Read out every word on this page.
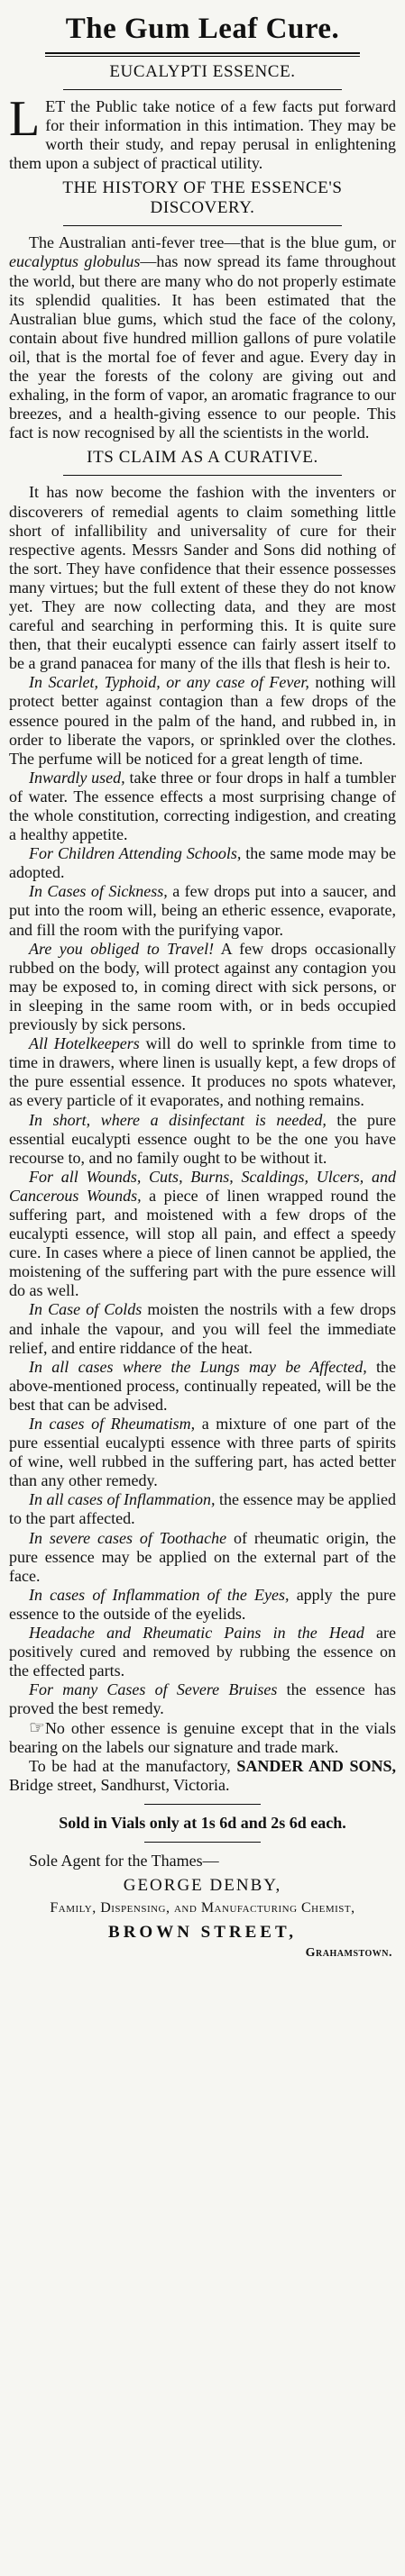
The Gum Leaf Cure.
EUCALYPTI ESSENCE.

LET the Public take notice of a few facts put forward for their information in this intimation. They may be worth their study, and repay perusal in enlightening them upon a subject of practical utility.

THE HISTORY OF THE ESSENCE'S DISCOVERY.

The Australian anti-fever tree—that is the blue gum, or eucalyptus globulus—has now spread its fame throughout the world, but there are many who do not properly estimate its splendid qualities. It has been estimated that the Australian blue gums, which stud the face of the colony, contain about five hundred million gallons of pure volatile oil, that is the mortal foe of fever and ague. Every day in the year the forests of the colony are giving out and exhaling, in the form of vapor, an aromatic fragrance to our breezes, and a health-giving essence to our people. This fact is now recognised by all the scientists in the world.

ITS CLAIM AS A CURATIVE.

It has now become the fashion with the inventers or discoverers of remedial agents to claim something little short of infallibility and universality of cure for their respective agents. Messrs Sander and Sons did nothing of the sort. They have confidence that their essence possesses many virtues; but the full extent of these they do not know yet. They are now collecting data, and they are most careful and searching in performing this. It is quite sure then, that their eucalypti essence can fairly assert itself to be a grand panacea for many of the ills that flesh is heir to.

In Scarlet, Typhoid, or any case of Fever, nothing will protect better against contagion than a few drops of the essence poured in the palm of the hand, and rubbed in, in order to liberate the vapors, or sprinkled over the clothes. The perfume will be noticed for a great length of time.

Inwardly used, take three or four drops in half a tumbler of water. The essence effects a most surprising change of the whole constitution, correcting indigestion, and creating a healthy appetite.

For Children Attending Schools, the same mode may be adopted.

In Cases of Sickness, a few drops put into a saucer, and put into the room will, being an etheric essence, evaporate, and fill the room with the purifying vapor.

Are you obliged to Travel! A few drops occasionally rubbed on the body, will protect against any contagion you may be exposed to, in coming direct with sick persons, or in sleeping in the same room with, or in beds occupied previously by sick persons.

All Hotelkeepers will do well to sprinkle from time to time in drawers, where linen is usually kept, a few drops of the pure essential essence. It produces no spots whatever, as every particle of it evaporates, and nothing remains.

In short, where a disinfectant is needed, the pure essential eucalypti essence ought to be the one you have recourse to, and no family ought to be without it.

For all Wounds, Cuts, Burns, Scaldings, Ulcers, and Cancerous Wounds, a piece of linen wrapped round the suffering part, and moistened with a few drops of the eucalypti essence, will stop all pain, and effect a speedy cure. In cases where a piece of linen cannot be applied, the moistening of the suffering part with the pure essence will do as well.

In Case of Colds moisten the nostrils with a few drops and inhale the vapour, and you will feel the immediate relief, and entire riddance of the heat.

In all cases where the Lungs may be Affected, the above-mentioned process, continually repeated, will be the best that can be advised.

In cases of Rheumatism, a mixture of one part of the pure essential eucalypti essence with three parts of spirits of wine, well rubbed in the suffering part, has acted better than any other remedy.

In all cases of Inflammation, the essence may be applied to the part affected.

In severe cases of Toothache of rheumatic origin, the pure essence may be applied on the external part of the face.

In cases of Inflammation of the Eyes, apply the pure essence to the outside of the eyelids.

Headache and Rheumatic Pains in the Head are positively cured and removed by rubbing the essence on the effected parts.

For many Cases of Severe Bruises the essence has proved the best remedy.

☞No other essence is genuine except that in the vials bearing on the labels our signature and trade mark.

To be had at the manufactory, SANDER AND SONS, Bridge street, Sandhurst, Victoria.

Sold in Vials only at 1s 6d and 2s 6d each.
Sole Agent for the Thames—
GEORGE DENBY,
Family, Dispensing, and Manufacturing Chemist,
BROWN STREET,
Grahamstown.
